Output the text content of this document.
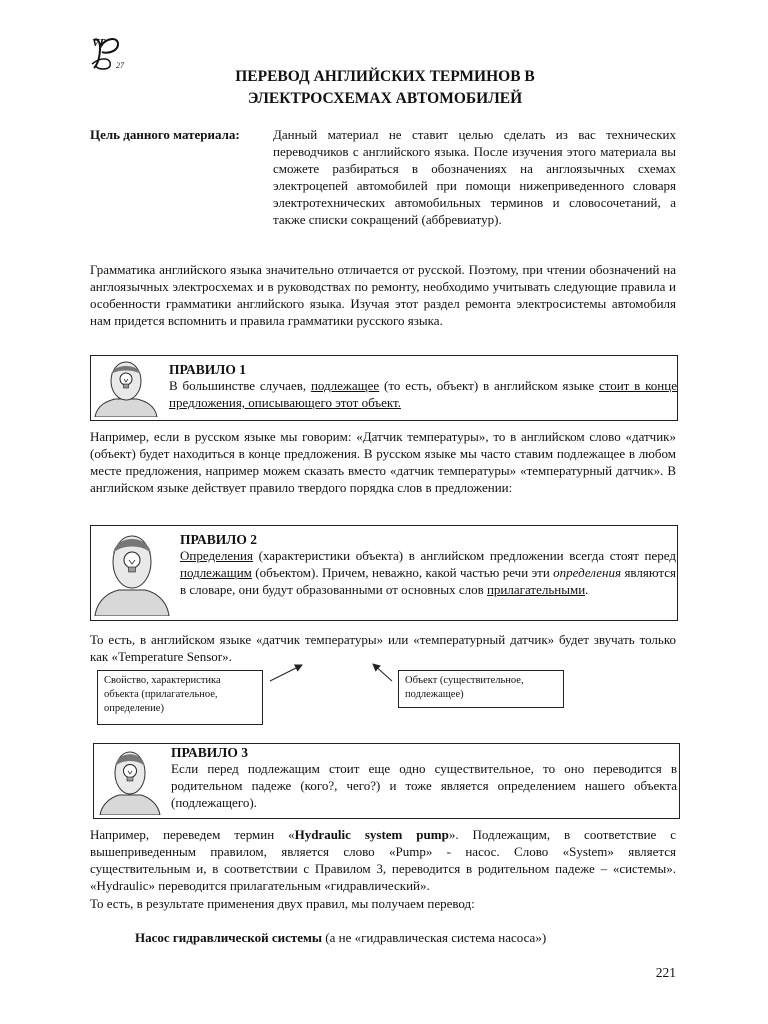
VP
27
ПЕРЕВОД АНГЛИЙСКИХ ТЕРМИНОВ В
ЭЛЕКТРОСХЕМАХ АВТОМОБИЛЕЙ
Цель данного материала:	Данный материал не ставит целью сделать из вас технических переводчиков с английского языка. После изучения этого материала вы сможете разбираться в обозначениях на англоязычных схемах электроцепей автомобилей при помощи нижеприведенного словаря электротехнических автомобильных терминов и словосочетаний, а также списки сокращений (аббревиатур).
Грамматика английского языка значительно отличается от русской. Поэтому, при чтении обозначений на англоязычных электросхемах и в руководствах по ремонту, необходимо учитывать следующие правила и особенности грамматики английского языка. Изучая этот раздел ремонта электросистемы автомобиля нам придется вспомнить и правила грамматики русского языка.
ПРАВИЛО 1
В большинстве случаев, подлежащее (то есть, объект) в английском языке стоит в конце предложения, описывающего этот объект.
Например, если в русском языке мы говорим: «Датчик температуры», то в английском слово «датчик» (объект) будет находиться в конце предложения. В русском языке мы часто ставим подлежащее в любом месте предложения, например можем сказать вместо «датчик температуры» «температурный датчик». В английском языке действует правило твердого порядка слов в предложении:
ПРАВИЛО 2
Определения (характеристики объекта) в английском предложении всегда стоят перед подлежащим (объектом). Причем, неважно, какой частью речи эти определения являются в словаре, они будут образованными от основных слов прилагательными.
То есть, в английском языке «датчик температуры» или «температурный датчик» будет звучать только как «Temperature Sensor».
Свойство, характеристика объекта (прилагательное, определение)
Объект (существительное, подлежащее)
ПРАВИЛО 3
Если перед подлежащим стоит еще одно существительное, то оно переводится в родительном падеже (кого?, чего?) и тоже является определением нашего объекта (подлежащего).
Например, переведем термин «Hydraulic system pump». Подлежащим, в соответствие с вышеприведенным правилом, является слово «Pump» - насос. Слово «System» является существительным и, в соответствии с Правилом 3, переводится в родительном падеже – «системы». «Hydraulic» переводится прилагательным «гидравлический».
То есть, в результате применения двух правил, мы получаем перевод:
Насос гидравлической системы (а не «гидравлическая система насоса»)
221
